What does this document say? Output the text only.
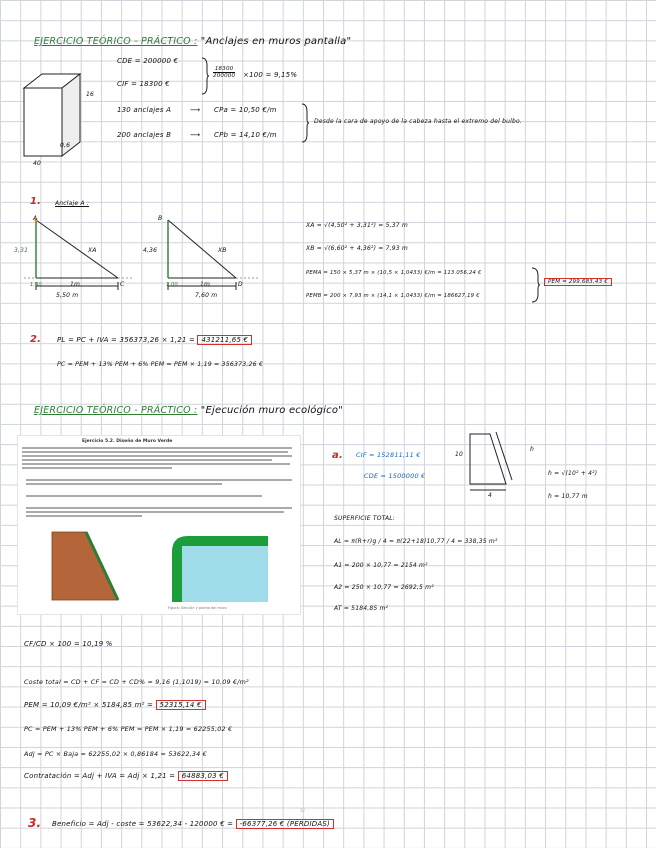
EJERCICIO TEÓRICO - PRÁCTICO : "Anclajes en muros pantalla"
16
0,6
40
CDE = 200000 €
CIF = 18300 €
$\frac{18300}{200000} \times 100 = 9,15\%$
130 anclajes A	⟶ CPa = 10,50 €/m
200 anclajes B	⟶ CPb = 14,10 €/m
Desde la cara de apoyo de la cabeza hasta el extremo del bulbo.
1. Anclaje A :
A
3,31	XA
1m	C
1,00
5,50 m
B
4,36	XB
1m	D
1,00
7,60 m
XA = √(4,50² + 3,31²) = 5,37 m
XB = √(6,60² + 4,36²) = 7,93 m
PEMA = 150 × 5,37 m × (10,5 × 1,0433) €/m = 113.056,24 €
PEMB = 200 × 7,93 m × (14,1 × 1,0433) €/m = 186627,19 €
PEM = 299.683,43 €
2. PL = PC + IVA = 356373,26 × 1,21 = 431211,65 €
PC = PEM + 13% PEM + 6% PEM = PEM × 1,19 = 356373,26 €
EJERCICIO TEÓRICO - PRÁCTICO : "Ejecución muro ecológico"
Ejercicio 5.2. Diseño de Muro Verde
Figura: Sección y planta del muro
a. CIF = 152811,11 €
CDE = 1500000 €
10
4
h
h = √(10² + 4²)
h = 10,77 m
SUPERFICIE TOTAL:
AL = π(R+r)g / 4 = π(22+18)10,77 / 4 = 338,35 m²
A1 = 200 × 10,77 = 2154 m²
A2 = 250 × 10,77 = 2692,5 m²
AT = 5184,85 m²
CF/CD × 100 = 10,19 %
Coste total = CD + CF = CD + CD% = 9,16 (1,1019) = 10,09 €/m²
PEM = 10,09 €/m² × 5184,85 m² = 52315,14 €
PC = PEM + 13% PEM + 6% PEM = PEM × 1,19 = 62255,02 €
Adj = PC × Baja = 62255,02 × 0,86184 = 53622,34 €
Contratación = Adj + IVA = Adj × 1,21 = 64883,03 €
Sí
3. Beneficio = Adj - coste = 53622,34 - 120000 € = -66377,26 € (PÉRDIDAS)
